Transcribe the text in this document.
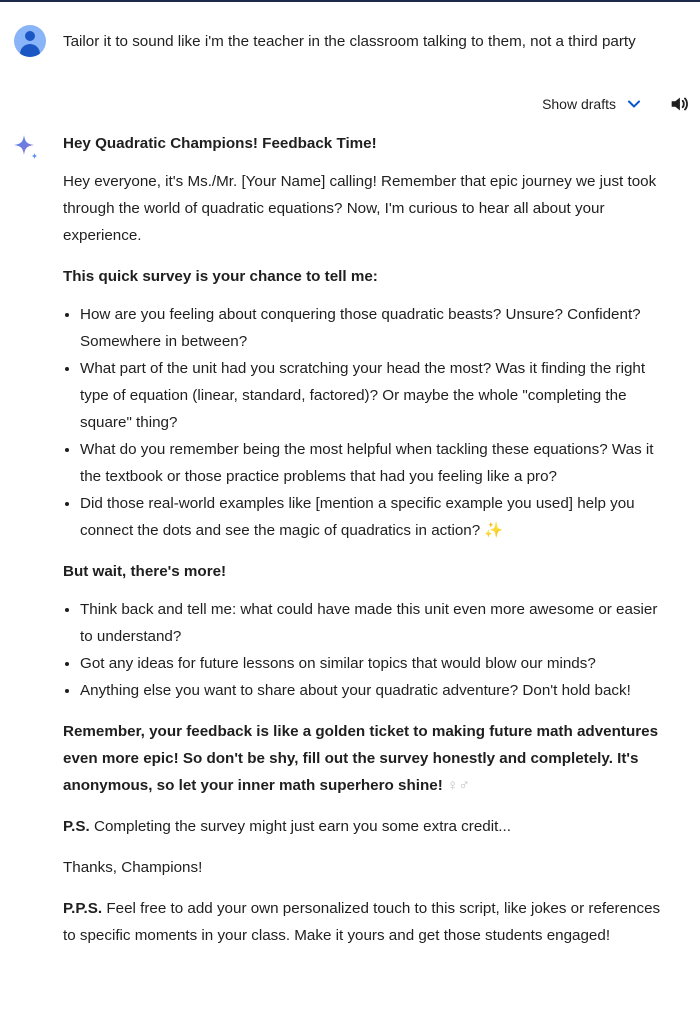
Tailor it to sound like i'm the teacher in the classroom talking to them, not a third party
Show drafts

Hey Quadratic Champions! Feedback Time!

Hey everyone, it's Ms./Mr. [Your Name] calling! Remember that epic journey we just took through the world of quadratic equations? Now, I'm curious to hear all about your experience.

This quick survey is your chance to tell me:

• How are you feeling about conquering those quadratic beasts? Unsure? Confident? Somewhere in between?
• What part of the unit had you scratching your head the most? Was it finding the right type of equation (linear, standard, factored)? Or maybe the whole "completing the square" thing?
• What do you remember being the most helpful when tackling these equations? Was it the textbook or those practice problems that had you feeling like a pro?
• Did those real-world examples like [mention a specific example you used] help you connect the dots and see the magic of quadratics in action? ✨

But wait, there's more!

• Think back and tell me: what could have made this unit even more awesome or easier to understand?
• Got any ideas for future lessons on similar topics that would blow our minds?
• Anything else you want to share about your quadratic adventure? Don't hold back!

Remember, your feedback is like a golden ticket to making future math adventures even more epic! So don't be shy, fill out the survey honestly and completely. It's anonymous, so let your inner math superhero shine! ♀♂

P.S. Completing the survey might just earn you some extra credit...

Thanks, Champions!

P.P.S. Feel free to add your own personalized touch to this script, like jokes or references to specific moments in your class. Make it yours and get those students engaged!
